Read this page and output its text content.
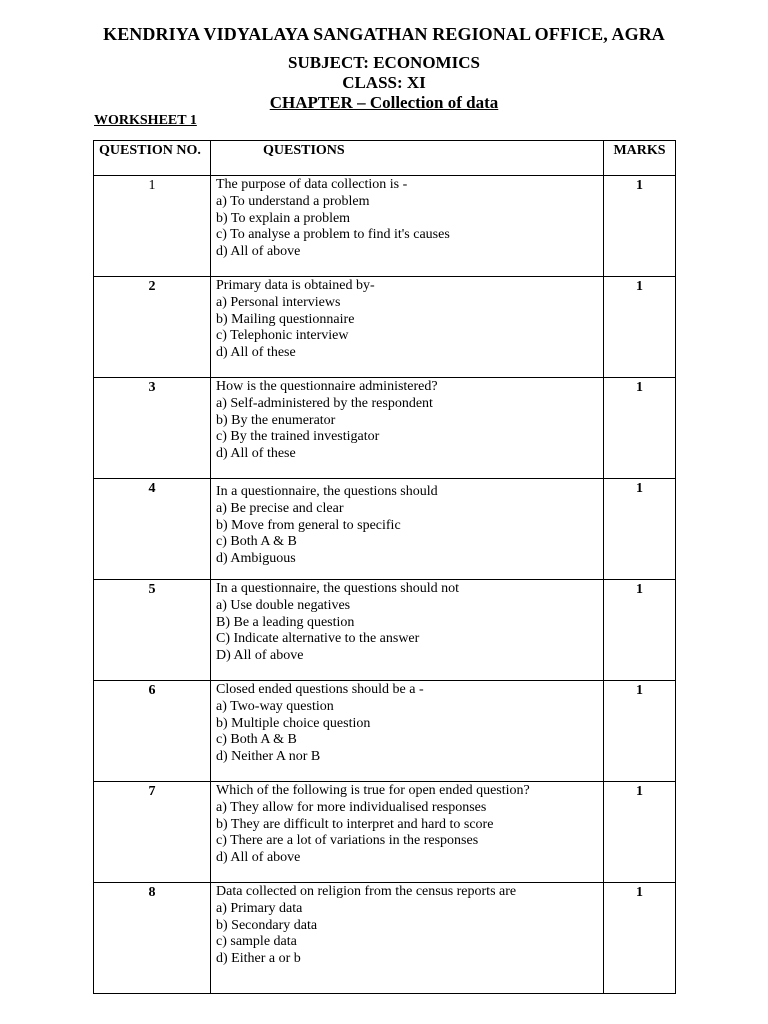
KENDRIYA VIDYALAYA SANGATHAN REGIONAL OFFICE, AGRA
SUBJECT: ECONOMICS
CLASS: XI
CHAPTER – Collection of data
WORKSHEET 1
QUESTION NO.	QUESTIONS	MARKS
1	The purpose of data collection is -
a) To understand a problem
b) To explain a problem
c) To analyse a problem to find it's causes
d) All of above	1
2	Primary data is obtained by-
a) Personal interviews
b) Mailing questionnaire
c) Telephonic interview
d) All of these	1
3	How is the questionnaire administered?
a) Self-administered by the respondent
b) By the enumerator
c) By the trained investigator
d) All of these	1
4	In a questionnaire, the questions should
a) Be precise and clear
b) Move from general to specific
c) Both A & B
d) Ambiguous	1
5	In a questionnaire, the questions should not
a) Use double negatives
B) Be a leading question
C) Indicate alternative to the answer
D) All of above	1
6	Closed ended questions should be a -
a) Two-way question
b) Multiple choice question
c) Both A & B
d) Neither A nor B	1
7	Which of the following is true for open ended question?
a) They allow for more individualised responses
b) They are difficult to interpret and hard to score
c) There are a lot of variations in the responses
d) All of above	1
8	Data collected on religion from the census reports are
a) Primary data
b) Secondary data
c) sample data
d) Either a or b	1
